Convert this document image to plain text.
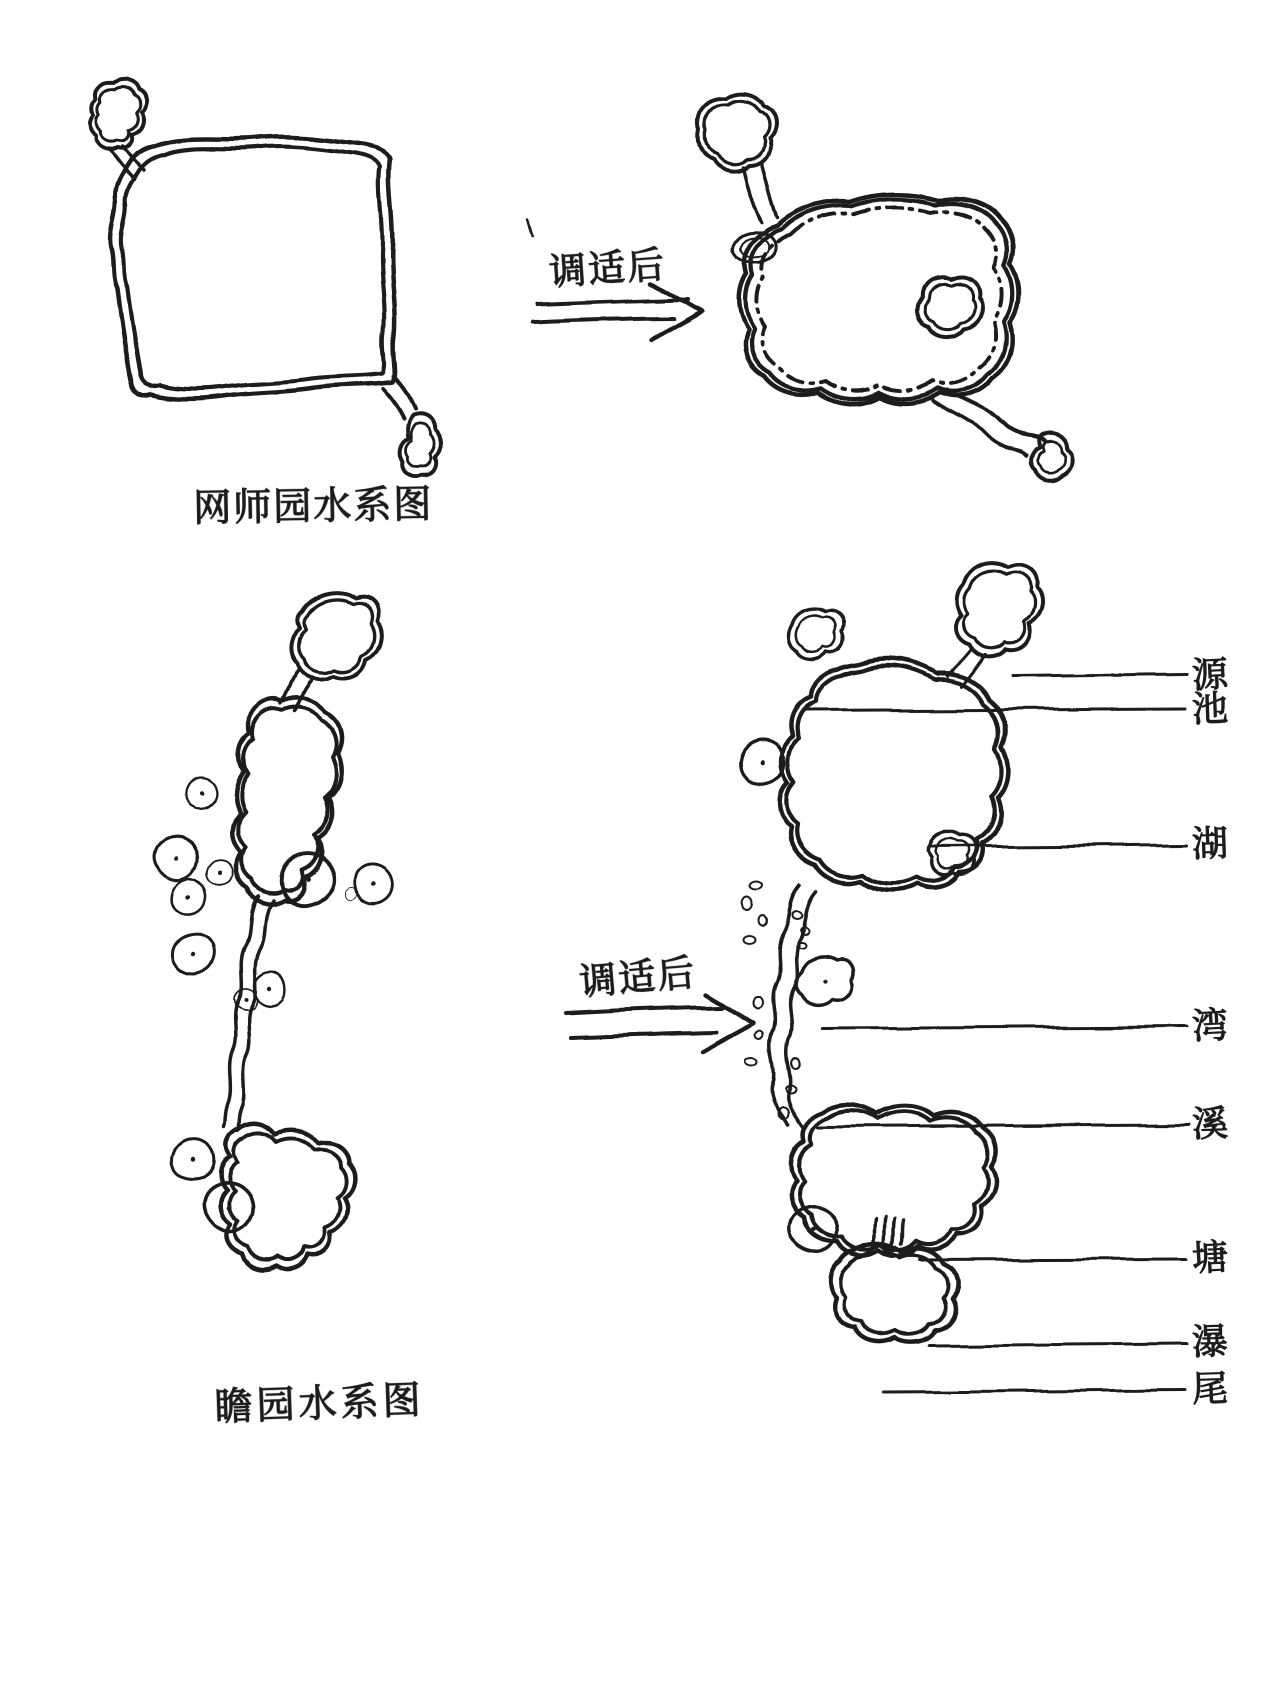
网师园水系图
瞻园水系图
调适后
调适后
源
池
湖
湾
溪
塘
瀑
尾
